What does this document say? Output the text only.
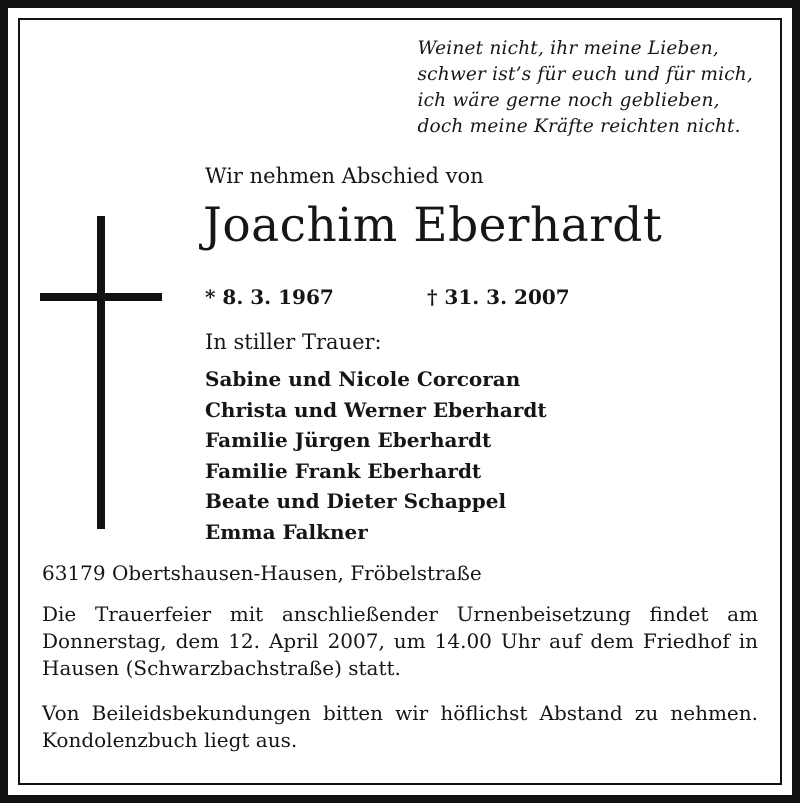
Weinet nicht, ihr meine Lieben,
schwer ist’s für euch und für mich,
ich wäre gerne noch geblieben,
doch meine Kräfte reichten nicht.
Wir nehmen Abschied von
Joachim Eberhardt
* 8. 3. 1967	† 31. 3. 2007
In stiller Trauer:
Sabine und Nicole Corcoran
Christa und Werner Eberhardt
Familie Jürgen Eberhardt
Familie Frank Eberhardt
Beate und Dieter Schappel
Emma Falkner
63179 Obertshausen-Hausen, Fröbelstraße
Die Trauerfeier mit anschließender Urnenbeisetzung findet am Donnerstag, dem 12. April 2007, um 14.00 Uhr auf dem Friedhof in Hausen (Schwarzbachstraße) statt.
Von Beileidsbekundungen bitten wir höflichst Abstand zu nehmen. Kondolenzbuch liegt aus.
